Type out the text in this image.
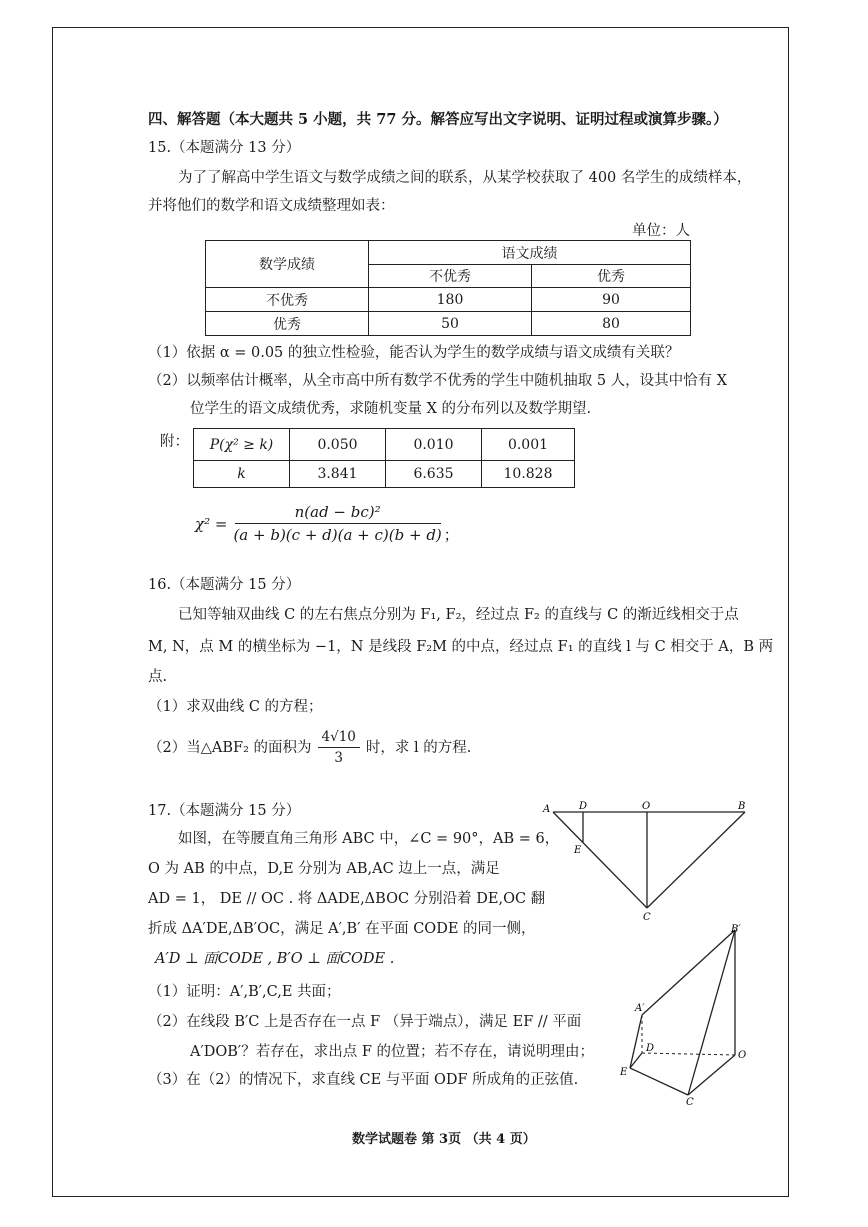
四、解答题（本大题共 5 小题，共 77 分。解答应写出文字说明、证明过程或演算步骤。）
15.（本题满分 13 分）
为了了解高中学生语文与数学成绩之间的联系，从某学校获取了 400 名学生的成绩样本，
并将他们的数学和语文成绩整理如表：
单位：人
数学成绩	语文成绩	
	不优秀	优秀
不优秀	180	90
优秀	50	80
（1）依据 α = 0.05 的独立性检验，能否认为学生的数学成绩与语文成绩有关联？
（2）以频率估计概率，从全市高中所有数学不优秀的学生中随机抽取 5 人，设其中恰有 X
位学生的语文成绩优秀，求随机变量 X 的分布列以及数学期望.
附： P(χ² ≥ k)	0.050	0.010	0.001
k	3.841	6.635	10.828
$\chi^2 = \frac{\text{n(ad − bc)²}}{(a + b)(c + d)(a + c)(b + d)}$ ；
16.（本题满分 15 分）
已知等轴双曲线 C 的左右焦点分别为 F₁, F₂，经过点 F₂ 的直线与 C 的渐近线相交于点
M, N，点 M 的横坐标为 −1，N 是线段 F₂M 的中点，经过点 F₁ 的直线 l 与 C 相交于 A，B 两
点.
（1）求双曲线 C 的方程；
（2）当△ABF₂ 的面积为 $\frac{4√10}{3}$ 时，求 l 的方程.
17.（本题满分 15 分）
如图，在等腰直角三角形 ABC 中，∠C = 90°，AB = 6，
O 为 AB 的中点，D,E 分别为 AB,AC 边上一点，满足
AD = 1， DE // OC . 将 ΔADE,ΔBOC 分别沿着 DE,OC 翻
折成 ΔA′DE,ΔB′OC，满足 A′,B′ 在平面 CODE 的同一侧，
A′D ⊥ 面CODE , B′O ⊥ 面CODE .
（1）证明：A′,B′,C,E 共面；
（2）在线段 B′C 上是否存在一点 F （异于端点），满足 EF // 平面
A′DOB′？若存在，求出点 F 的位置；若不存在，请说明理由；
（3）在（2）的情况下，求直线 CE 与平面 ODF 所成角的正弦值.
A	D	O	B
E
C
B′
A′
D
O
E
C
数学试题卷 第 3页 （共 4 页）
